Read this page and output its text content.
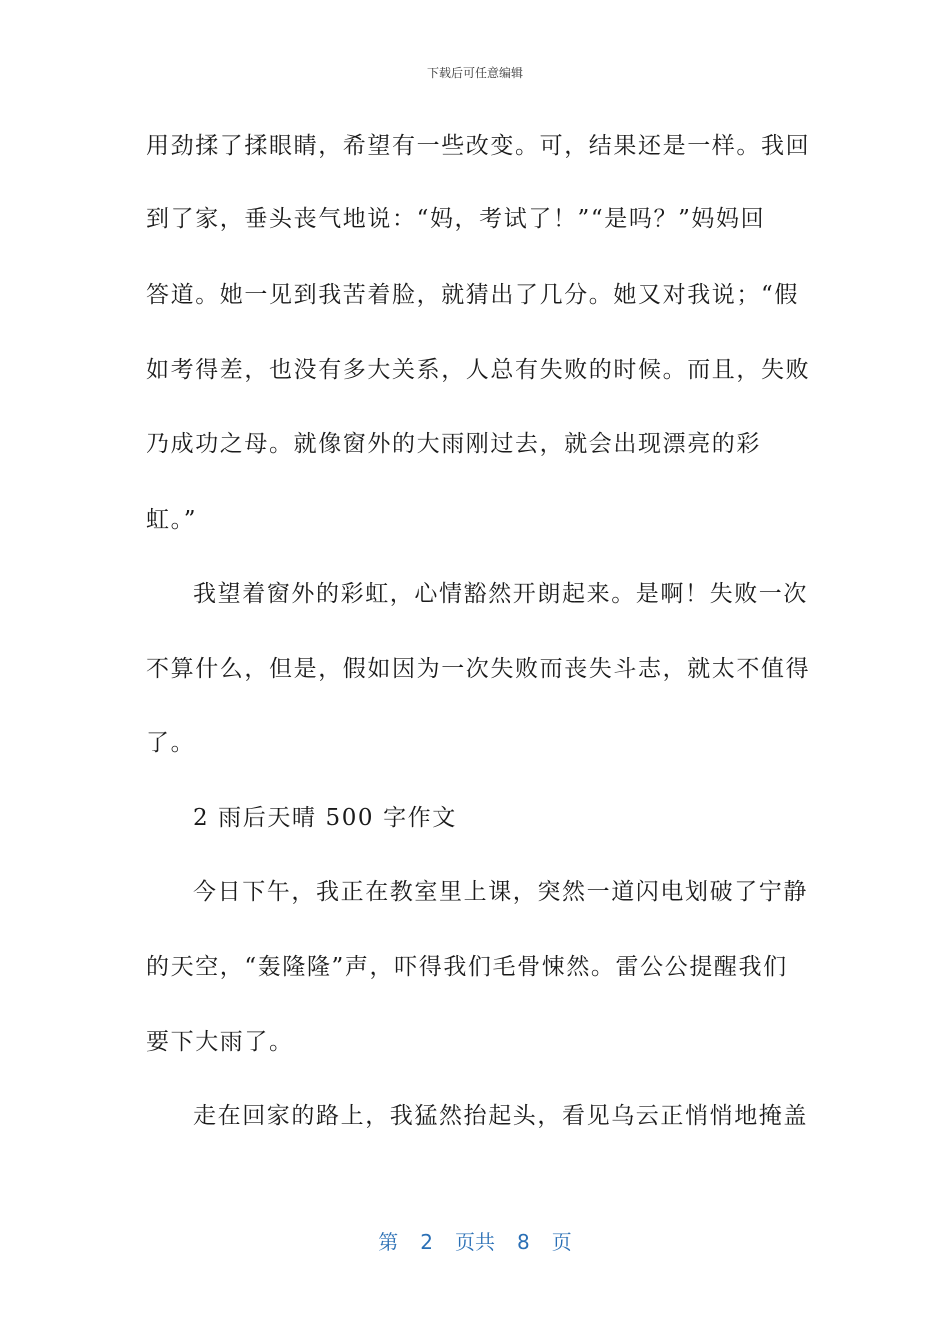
下载后可任意编辑
用劲揉了揉眼睛，希望有一些改变。可，结果还是一样。我回
到了家，垂头丧气地说：“妈，考试了！”“是吗？”妈妈回
答道。她一见到我苦着脸，就猜出了几分。她又对我说；“假
如考得差，也没有多大关系，人总有失败的时候。而且，失败
乃成功之母。就像窗外的大雨刚过去，就会出现漂亮的彩
虹。”
我望着窗外的彩虹，心情豁然开朗起来。是啊！失败一次
不算什么，但是，假如因为一次失败而丧失斗志，就太不值得
了。
2 雨后天晴 500 字作文
今日下午，我正在教室里上课，突然一道闪电划破了宁静
的天空，“轰隆隆”声，吓得我们毛骨悚然。雷公公提醒我们
要下大雨了。
走在回家的路上，我猛然抬起头，看见乌云正悄悄地掩盖
第 2 页共 8 页
